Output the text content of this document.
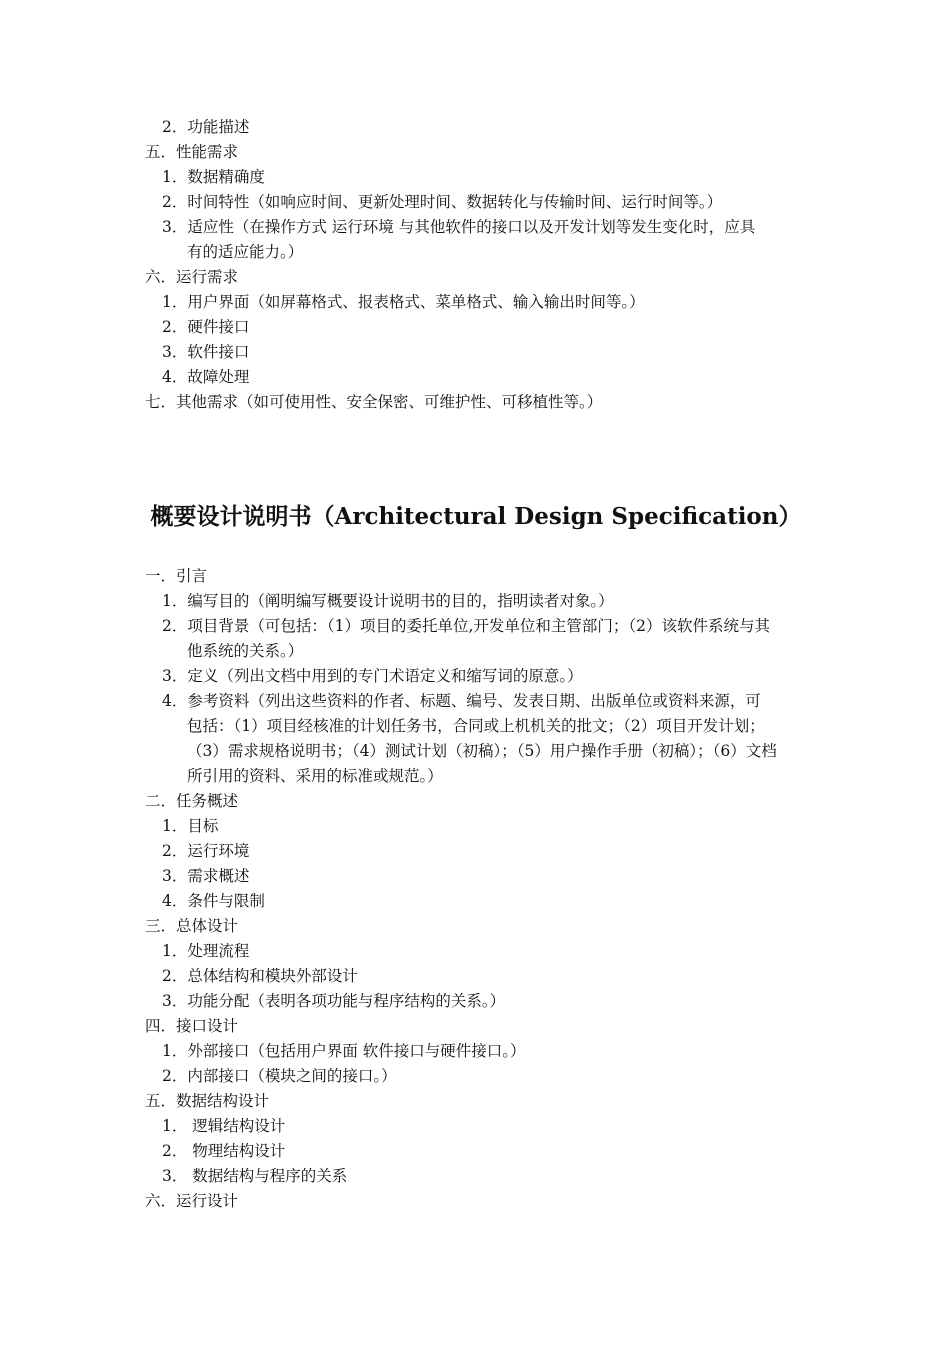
2．功能描述
五．性能需求
1．数据精确度
2．时间特性（如响应时间、更新处理时间、数据转化与传输时间、运行时间等。）
3．适应性（在操作方式 运行环境 与其他软件的接口以及开发计划等发生变化时，应具
有的适应能力。）
六．运行需求
1．用户界面（如屏幕格式、报表格式、菜单格式、输入输出时间等。）
2．硬件接口
3．软件接口
4．故障处理
七．其他需求（如可使用性、安全保密、可维护性、可移植性等。）
概要设计说明书（Architectural Design Specification）
一．引言
1．编写目的（阐明编写概要设计说明书的目的，指明读者对象。）
2．项目背景（可包括：（1）项目的委托单位,开发单位和主管部门；（2）该软件系统与其
他系统的关系。）
3．定义（列出文档中用到的专门术语定义和缩写词的原意。）
4．参考资料（列出这些资料的作者、标题、编号、发表日期、出版单位或资料来源，可
包括：（1）项目经核准的计划任务书，合同或上机机关的批文；（2）项目开发计划；
（3）需求规格说明书；（4）测试计划（初稿）；（5）用户操作手册（初稿）；（6）文档
所引用的资料、采用的标准或规范。）
二．任务概述
1．目标
2．运行环境
3．需求概述
4．条件与限制
三．总体设计
1．处理流程
2．总体结构和模块外部设计
3．功能分配（表明各项功能与程序结构的关系。）
四．接口设计
1．外部接口（包括用户界面 软件接口与硬件接口。）
2．内部接口（模块之间的接口。）
五．数据结构设计
1． 逻辑结构设计
2． 物理结构设计
3． 数据结构与程序的关系
六．运行设计
